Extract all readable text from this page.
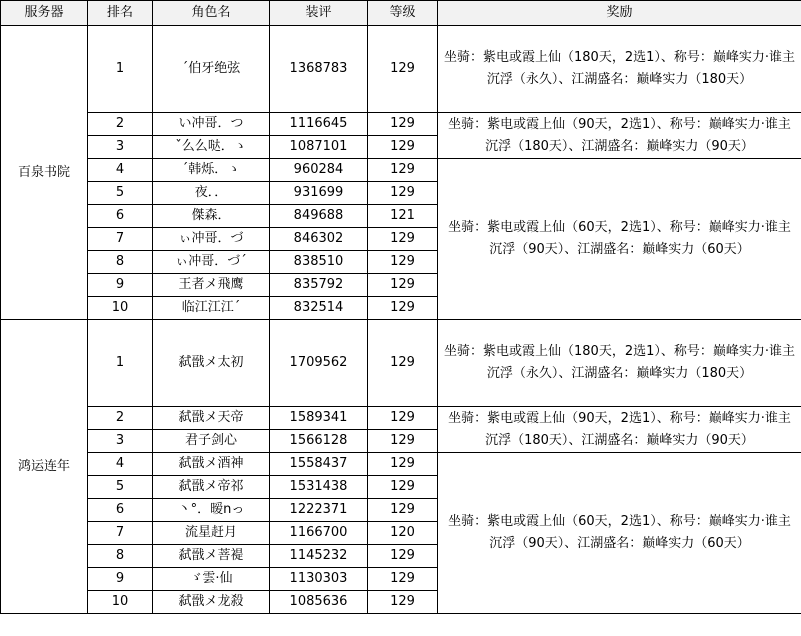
服务器	排名	角色名	装评	等级	奖励
百泉书院	1	ˊ伯牙绝弦	1368783	129	坐骑：紫电或霞上仙（180天，2选1）、称号：巅峰实力·谁主沉浮（永久）、江湖盛名：巅峰实力（180天）
	2	い冲哥．つ	1116645	129	坐骑：紫电或霞上仙（90天，2选1）、称号：巅峰实力·谁主沉浮（180天）、江湖盛名：巅峰实力（90天）
	3	ˇ么么哒．ゝ	1087101	129	
	4	ˊ韩烁．ゝ	960284	129	坐骑：紫电或霞上仙（60天，2选1）、称号：巅峰实力·谁主沉浮（90天）、江湖盛名：巅峰实力（60天）
	5	夜．．	931699	129	
	6	傑森．	849688	121	
	7	ぃ冲哥．づ	846302	129	
	8	ぃ冲哥．づˊ	838510	129	
	9	王者メ飛鹰	835792	129	
	10	临江江江ˊ	832514	129	
鸿运连年	1	弑戩メ太初	1709562	129	坐骑：紫电或霞上仙（180天，2选1）、称号：巅峰实力·谁主沉浮（永久）、江湖盛名：巅峰实力（180天）
	2	弑戩メ天帝	1589341	129	坐骑：紫电或霞上仙（90天，2选1）、称号：巅峰实力·谁主沉浮（180天）、江湖盛名：巅峰实力（90天）
	3	君子剑心	1566128	129	
	4	弑戩メ酒神	1558437	129	坐骑：紫电或霞上仙（60天，2选1）、称号：巅峰实力·谁主沉浮（90天）、江湖盛名：巅峰实力（60天）
	5	弑戩メ帝祁	1531438	129	
	6	丶°．暧nっ	1222371	129	
	7	流星赶月	1166700	120	
	8	弑戩メ菩褆	1145232	129	
	9	ゞ雲·仙	1130303	129	
	10	弑戩メ龙殺	1085636	129	
